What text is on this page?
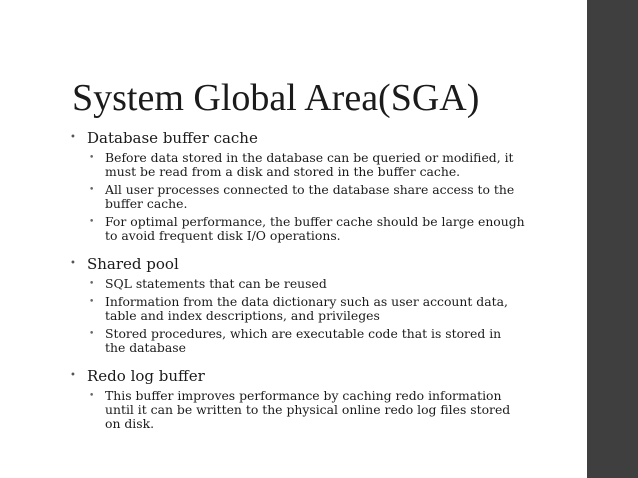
System Global Area(SGA)
• Database buffer cache
• Before data stored in the database can be queried or modified, it must be read from a disk and stored in the buffer cache.
• All user processes connected to the database share access to the buffer cache.
• For optimal performance, the buffer cache should be large enough to avoid frequent disk I/O operations.
• Shared pool
• SQL statements that can be reused
• Information from the data dictionary such as user account data, table and index descriptions, and privileges
• Stored procedures, which are executable code that is stored in the database
• Redo log buffer
• This buffer improves performance by caching redo information until it can be written to the physical online redo log files stored on disk.
